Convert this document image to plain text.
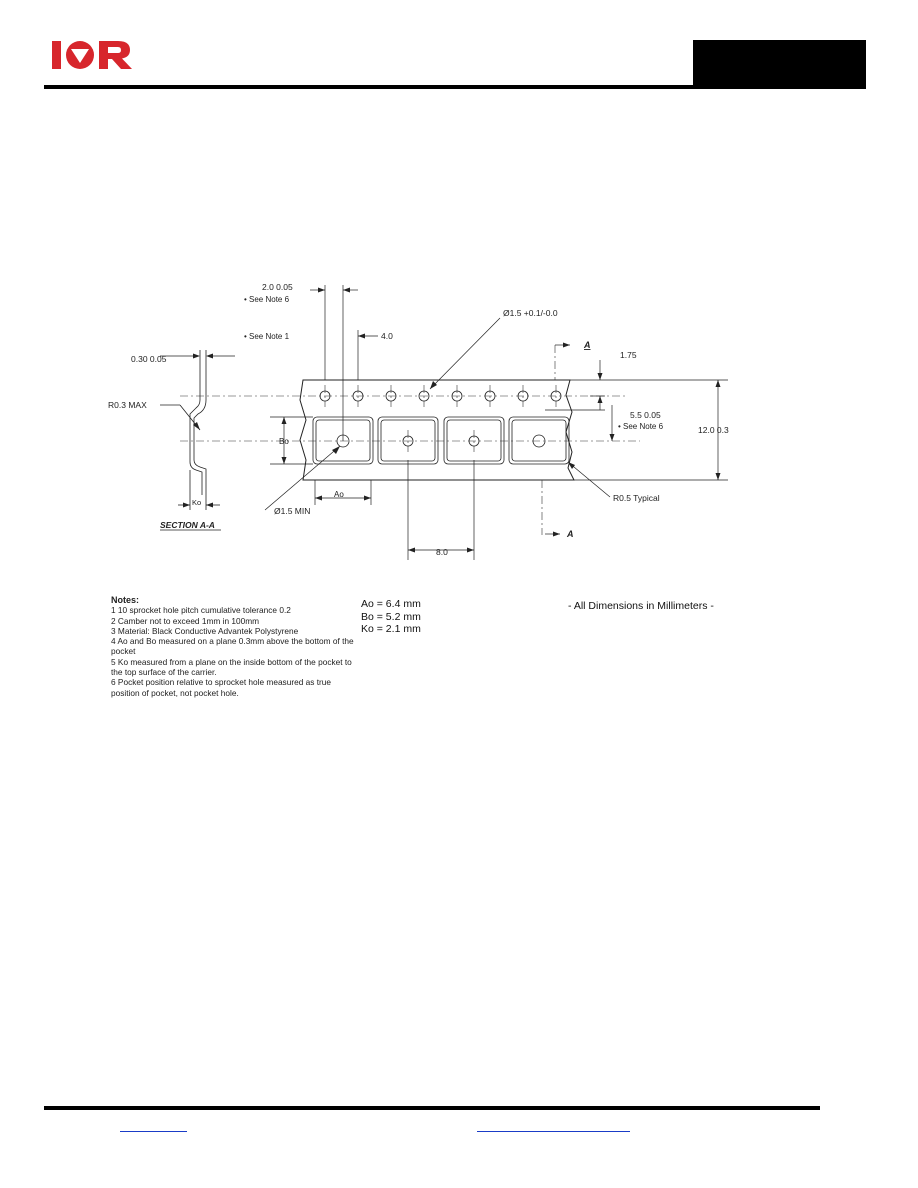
2.0 0.05
• See Note 6
• See Note 1	4.0
Ø1.5 +0.1/-0.0
A
1.75
5.5 0.05
• See Note 6	12.0 0.3
Bo
Ao
Ø1.5 MIN
R0.5 Typical
8.0
A
0.30 0.05
R0.3 MAX
Ko
SECTION A-A
Notes:
1 10 sprocket hole pitch cumulative tolerance 0.2
2 Camber not to exceed 1mm in 100mm
3 Material: Black Conductive Advantek Polystyrene
4 Ao and Bo measured on a plane 0.3mm above the bottom of the pocket
5 Ko measured from a plane on the inside bottom of the pocket to the top surface of the carrier.
6 Pocket position relative to sprocket hole measured as true position of pocket, not pocket hole.
Ao = 6.4 mm
Bo = 5.2 mm
Ko = 2.1 mm
- All Dimensions in Millimeters -
